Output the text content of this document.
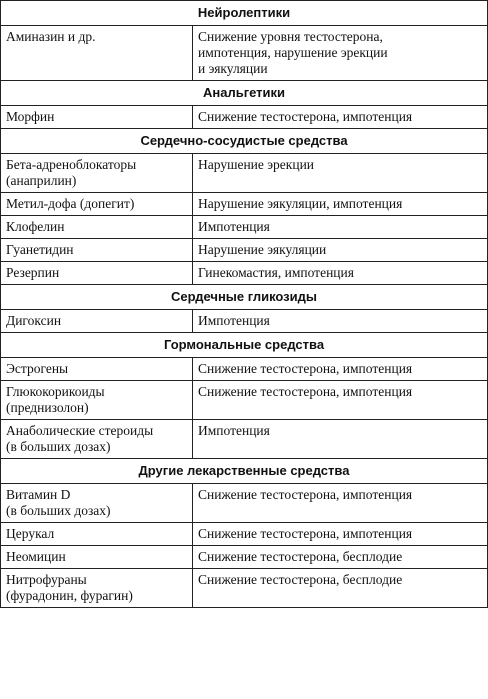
Нейролептики	

Аминазин и др.	Снижение уровня тестостерона,
импотенция, нарушение эрекции
и эякуляции

Анальгетики	

Морфин	Снижение тестостерона, импотенция

Сердечно-сосудистые средства	

Бета-адреноблокаторы
(анаприлин)	Нарушение эрекции

Метил-дофа (допегит)	Нарушение эякуляции, импотенция

Клофелин	Импотенция

Гуанетидин	Нарушение эякуляции

Резерпин	Гинекомастия, импотенция

Сердечные гликозиды	

Дигоксин	Импотенция

Гормональные средства	

Эстрогены	Снижение тестостерона, импотенция

Глюкокорикоиды
(преднизолон)	Снижение тестостерона, импотенция

Анаболические стероиды
(в больших дозах)	Импотенция

Другие лекарственные средства	

Витамин D
(в больших дозах)	Снижение тестостерона, импотенция

Церукал	Снижение тестостерона, импотенция

Неомицин	Снижение тестостерона, бесплодие

Нитрофураны
(фурадонин, фурагин)	Снижение тестостерона, бесплодие
